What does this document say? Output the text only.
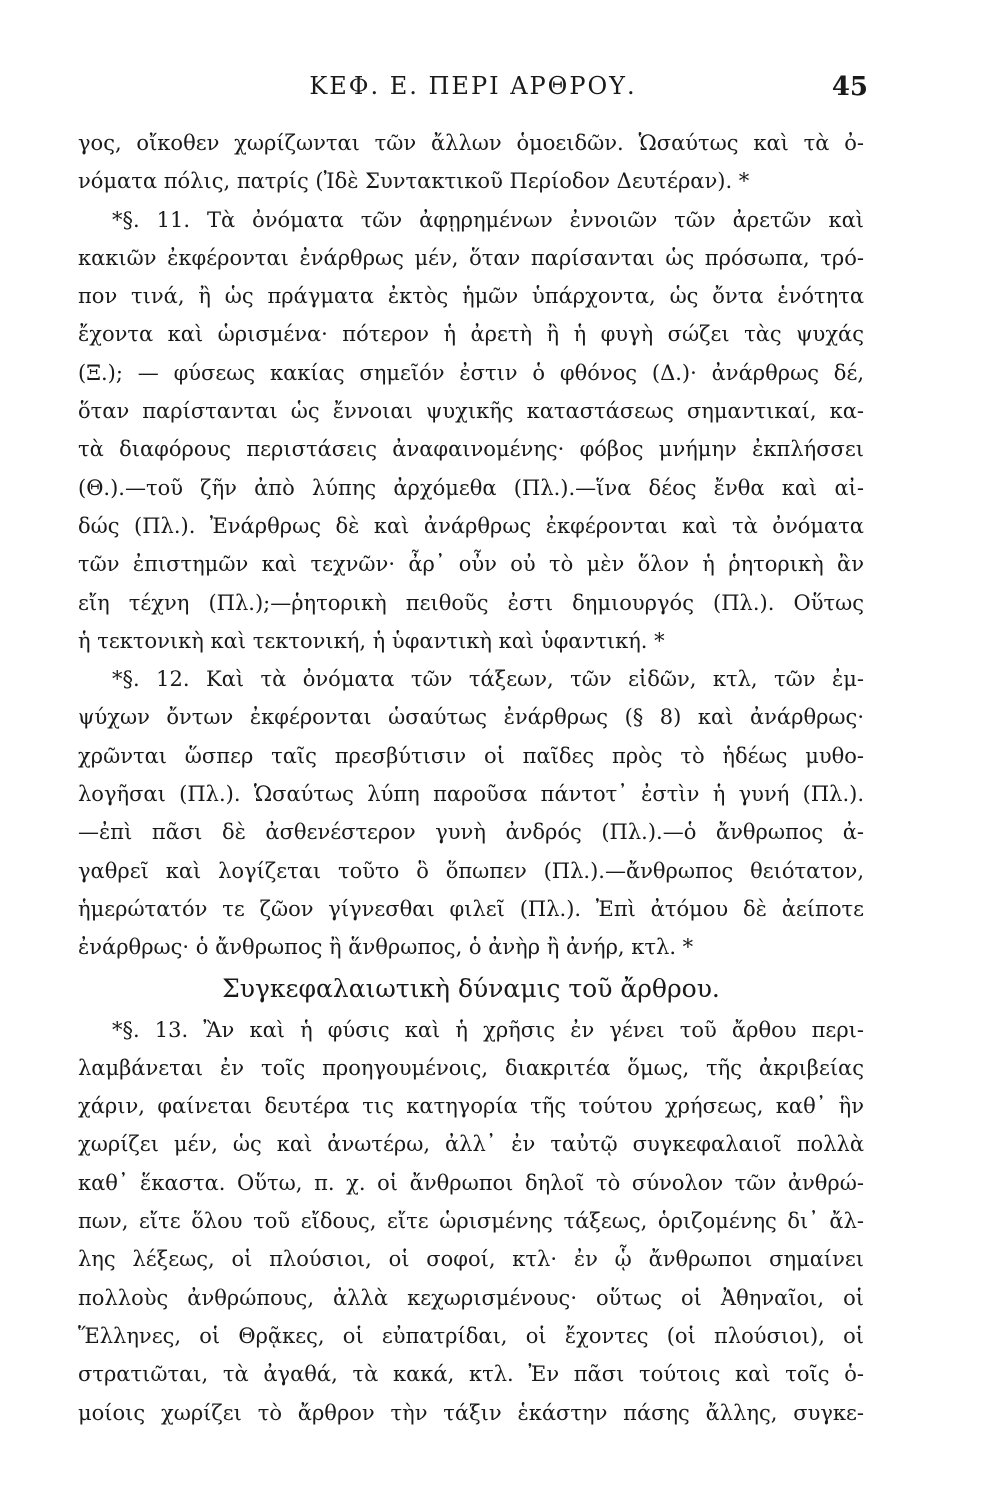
ΚΕΦ. Ε. ΠΕΡΙ ΑΡΘΡΟΥ.	45
γος, οἴκοθεν χωρίζωνται τῶν ἄλλων ὁμοειδῶν. Ὡσαύτως καὶ τὰ ὀ-
νόματα πόλις, πατρίς (Ἰδὲ Συντακτικοῦ Περίοδον Δευτέραν). *
*§. 11. Τὰ ὀνόματα τῶν ἀφῃρημένων ἐννοιῶν τῶν ἀρετῶν καὶ
κακιῶν ἐκφέρονται ἐνάρθρως μέν, ὅταν παρίσανται ὡς πρόσωπα, τρό-
πον τινά, ἢ ὡς πράγματα ἐκτὸς ἡμῶν ὑπάρχοντα, ὡς ὄντα ἑνότητα
ἔχοντα καὶ ὡρισμένα· πότερον ἡ ἀρετὴ ἢ ἡ φυγὴ σώζει τὰς ψυχάς
(Ξ.); — φύσεως κακίας σημεῖόν ἐστιν ὁ φθόνος (Δ.)· ἀνάρθρως δέ,
ὅταν παρίστανται ὡς ἔννοιαι ψυχικῆς καταστάσεως σημαντικαί, κα-
τὰ διαφόρους περιστάσεις ἀναφαινομένης· φόβος μνήμην ἐκπλήσσει
(Θ.).—τοῦ ζῆν ἀπὸ λύπης ἀρχόμεθα (Πλ.).—ἵνα δέος ἔνθα καὶ αἰ-
δώς (Πλ.). Ἐνάρθρως δὲ καὶ ἀνάρθρως ἐκφέρονται καὶ τὰ ὀνόματα
τῶν ἐπιστημῶν καὶ τεχνῶν· ἆρ᾽ οὖν οὐ τὸ μὲν ὅλον ἡ ῥητορικὴ ἂν
εἴη τέχνη (Πλ.);—ῥητορικὴ πειθοῦς ἐστι δημιουργός (Πλ.). Οὕτως
ἡ τεκτονικὴ καὶ τεκτονική, ἡ ὑφαντικὴ καὶ ὑφαντική. *
*§. 12. Καὶ τὰ ὀνόματα τῶν τάξεων, τῶν εἰδῶν, κτλ, τῶν ἐμ-
ψύχων ὄντων ἐκφέρονται ὡσαύτως ἐνάρθρως (§ 8) καὶ ἀνάρθρως·
χρῶνται ὥσπερ ταῖς πρεσβύτισιν οἱ παῖδες πρὸς τὸ ἡδέως μυθο-
λογῆσαι (Πλ.). Ὡσαύτως λύπη παροῦσα πάντοτ᾽ ἐστὶν ἡ γυνή (Πλ.).
—ἐπὶ πᾶσι δὲ ἀσθενέστερον γυνὴ ἀνδρός (Πλ.).—ὁ ἄνθρωπος ἀ-
γαθρεῖ καὶ λογίζεται τοῦτο ὃ ὅπωπεν (Πλ.).—ἄνθρωπος θειότατον,
ἡμερώτατόν τε ζῶον γίγνεσθαι φιλεῖ (Πλ.). Ἐπὶ ἀτόμου δὲ ἀείποτε
ἐνάρθρως· ὁ ἄνθρωπος ἢ ἅνθρωπος, ὁ ἀνὴρ ἢ ἀνήρ, κτλ. *
Συγκεφαλαιωτικὴ δύναμις τοῦ ἄρθρου.
*§. 13. Ἂν καὶ ἡ φύσις καὶ ἡ χρῆσις ἐν γένει τοῦ ἄρθου περι-
λαμβάνεται ἐν τοῖς προηγουμένοις, διακριτέα ὅμως, τῆς ἀκριβείας
χάριν, φαίνεται δευτέρα τις κατηγορία τῆς τούτου χρήσεως, καθ᾽ ἣν
χωρίζει μέν, ὡς καὶ ἀνωτέρω, ἀλλ᾽ ἐν ταὐτῷ συγκεφαλαιοῖ πολλὰ
καθ᾽ ἕκαστα. Οὕτω, π. χ. οἱ ἄνθρωποι δηλοῖ τὸ σύνολον τῶν ἀνθρώ-
πων, εἴτε ὅλου τοῦ εἴδους, εἴτε ὡρισμένης τάξεως, ὁριζομένης δι᾽ ἄλ-
λης λέξεως, οἱ πλούσιοι, οἱ σοφοί, κτλ· ἐν ᾧ ἄνθρωποι σημαίνει
πολλοὺς ἀνθρώπους, ἀλλὰ κεχωρισμένους· οὕτως οἱ Ἀθηναῖοι, οἱ
Ἕλληνες, οἱ Θρᾷκες, οἱ εὐπατρίδαι, οἱ ἔχοντες (οἱ πλούσιοι), οἱ
στρατιῶται, τὰ ἀγαθά, τὰ κακά, κτλ. Ἐν πᾶσι τούτοις καὶ τοῖς ὁ-
μοίοις χωρίζει τὸ ἄρθρον τὴν τάξιν ἑκάστην πάσης ἄλλης, συγκε-
